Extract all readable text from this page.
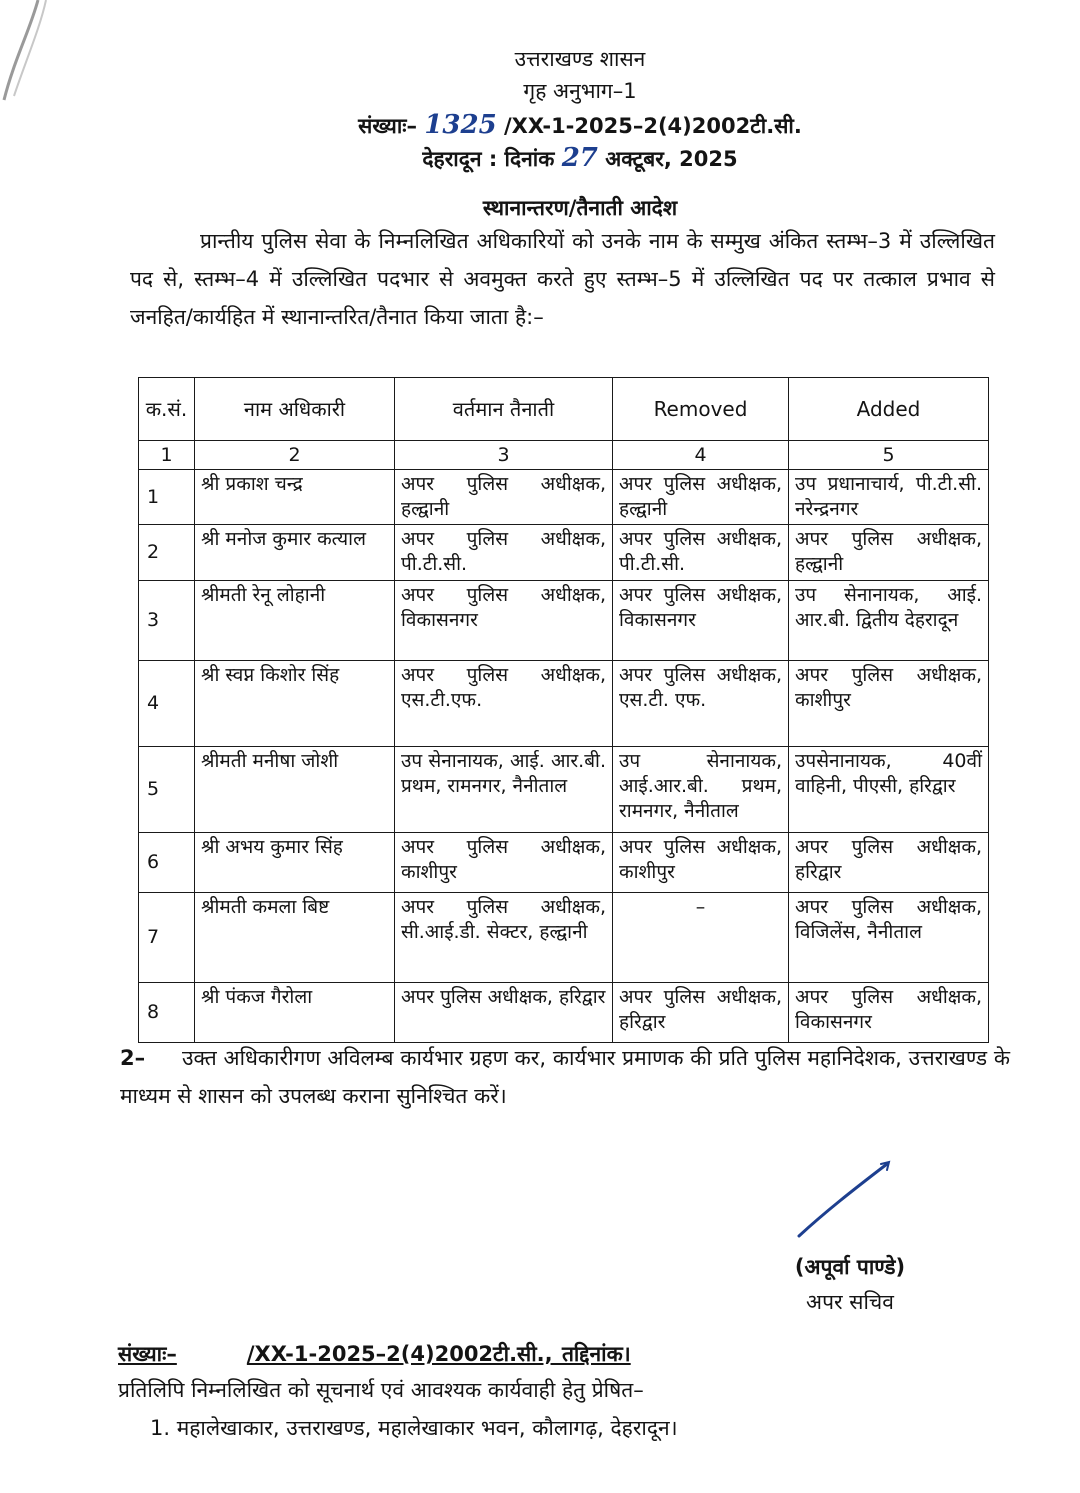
उत्तराखण्ड शासन

गृह अनुभाग–1

संख्याः– 1325 /XX-1-2025–2(4)2002टी.सी.

देहरादून : दिनांक 27 अक्टूबर, 2025

स्थानान्तरण/तैनाती आदेश
प्रान्तीय पुलिस सेवा के निम्नलिखित अधिकारियों को उनके नाम के सम्मुख अंकित स्तम्भ–3 में उल्लिखित पद से, स्तम्भ–4 में उल्लिखित पदभार से अवमुक्त करते हुए स्तम्भ–5 में उल्लिखित पद पर तत्काल प्रभाव से जनहित/कार्यहित में स्थानान्तरित/तैनात किया जाता है:–
क.सं.	नाम अधिकारी	वर्तमान तैनाती	Removed	Added
1	2	3	4	5
1	श्री प्रकाश चन्द्र	अपर पुलिस अधीक्षक, हल्द्वानी	अपर पुलिस अधीक्षक, हल्द्वानी	उप प्रधानाचार्य, पी.टी.सी. नरेन्द्रनगर
2	श्री मनोज कुमार कत्याल	अपर पुलिस अधीक्षक, पी.टी.सी.	अपर पुलिस अधीक्षक, पी.टी.सी.	अपर पुलिस अधीक्षक, हल्द्वानी
3	श्रीमती रेनू लोहानी	अपर पुलिस अधीक्षक, विकासनगर	अपर पुलिस अधीक्षक, विकासनगर	उप सेनानायक, आई. आर.बी. द्वितीय देहरादून
4	श्री स्वप्न किशोर सिंह	अपर पुलिस अधीक्षक, एस.टी.एफ.	अपर पुलिस अधीक्षक, एस.टी. एफ.	अपर पुलिस अधीक्षक, काशीपुर
5	श्रीमती मनीषा जोशी	उप सेनानायक, आई. आर.बी. प्रथम, रामनगर, नैनीताल	उप सेनानायक, आई.आर.बी. प्रथम, रामनगर, नैनीताल	उपसेनानायक, 40वीं वाहिनी, पीएसी, हरिद्वार
6	श्री अभय कुमार सिंह	अपर पुलिस अधीक्षक, काशीपुर	अपर पुलिस अधीक्षक, काशीपुर	अपर पुलिस अधीक्षक, हरिद्वार
7	श्रीमती कमला बिष्ट	अपर पुलिस अधीक्षक, सी.आई.डी. सेक्टर, हल्द्वानी	–	अपर पुलिस अधीक्षक, विजिलेंस, नैनीताल
8	श्री पंकज गैरोला	अपर पुलिस अधीक्षक, हरिद्वार	अपर पुलिस अधीक्षक, हरिद्वार	अपर पुलिस अधीक्षक, विकासनगर
2– उक्त अधिकारीगण अविलम्ब कार्यभार ग्रहण कर, कार्यभार प्रमाणक की प्रति पुलिस महानिदेशक, उत्तराखण्ड के माध्यम से शासन को उपलब्ध कराना सुनिश्चित करें।
(अपूर्वा पाण्डे)
अपर सचिव
संख्याः–	/XX-1-2025–2(4)2002टी.सी., तद्दिनांक।
प्रतिलिपि निम्नलिखित को सूचनार्थ एवं आवश्यक कार्यवाही हेतु प्रेषित–
1. महालेखाकार, उत्तराखण्ड, महालेखाकार भवन, कौलागढ़, देहरादून।
